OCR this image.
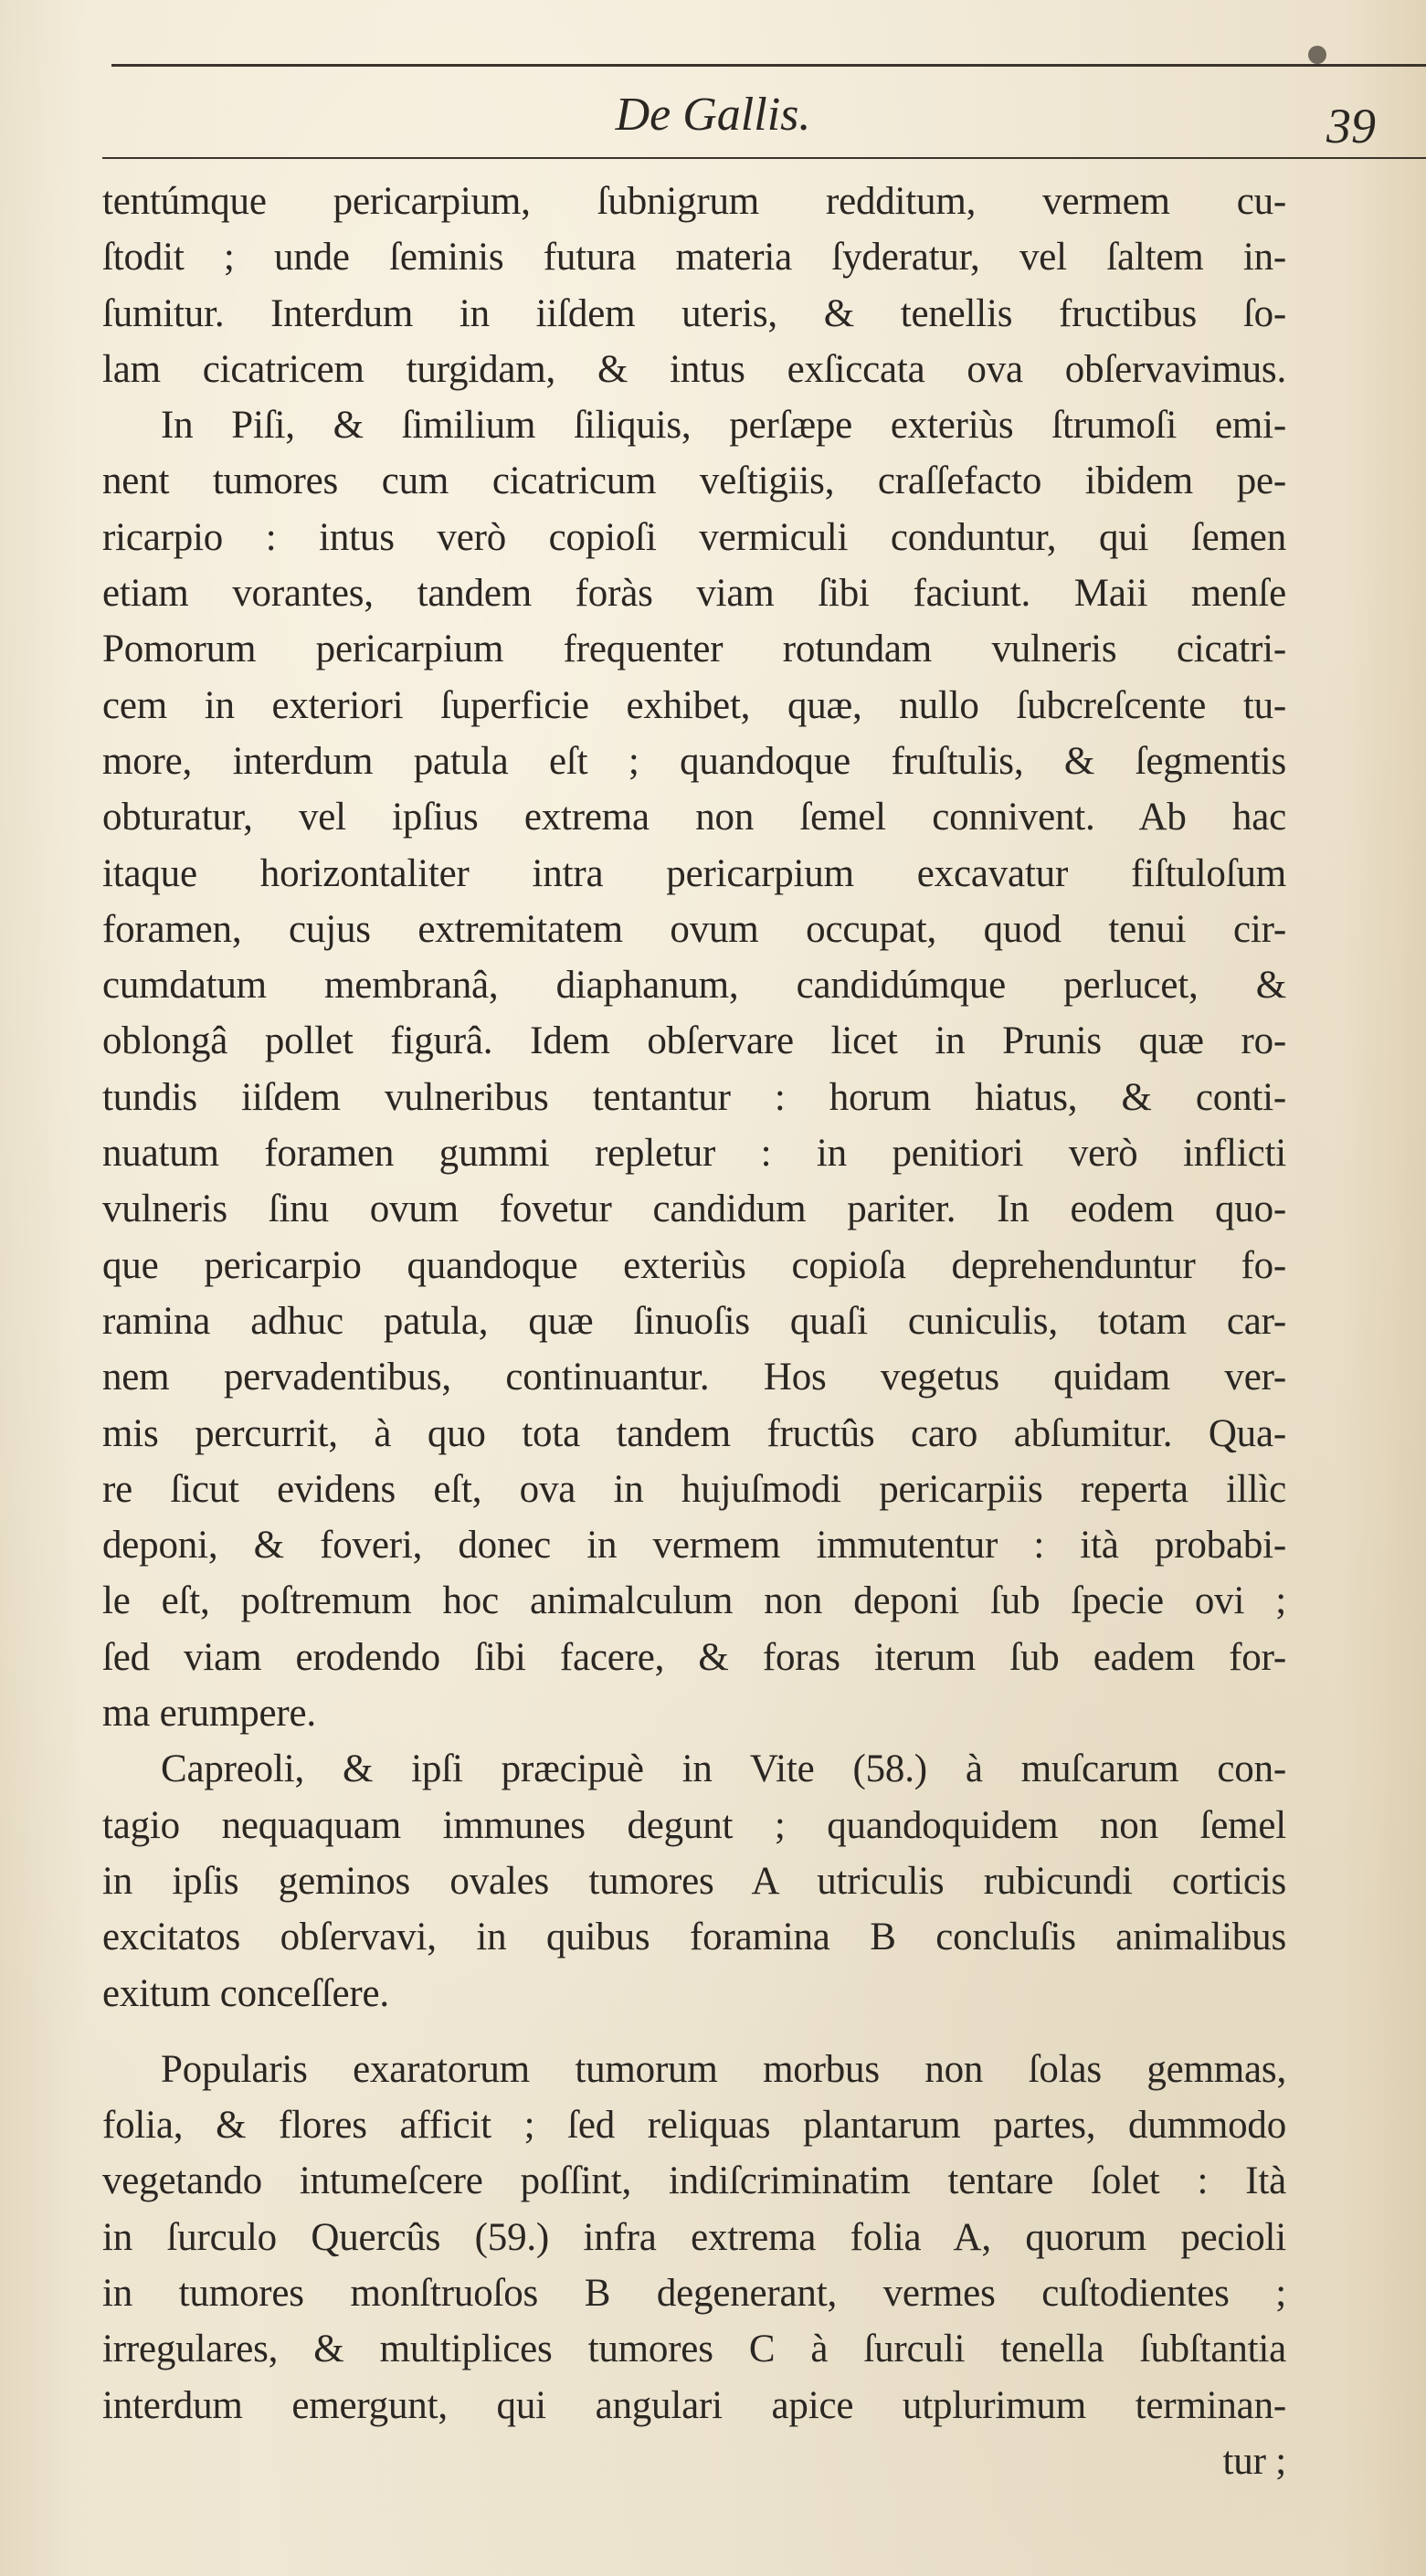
De Gallis.	39
tentúmque pericarpium, ſubnigrum redditum, vermem cu-
ſtodit ; unde ſeminis futura materia ſyderatur, vel ſaltem in-
ſumitur. Interdum in iiſdem uteris, & tenellis fructibus ſo-
lam cicatricem turgidam, & intus exſiccata ova obſervavimus.
In Piſi, & ſimilium ſiliquis, perſæpe exteriùs ſtrumoſi emi-
nent tumores cum cicatricum veſtigiis, craſſefacto ibidem pe-
ricarpio : intus verò copioſi vermiculi conduntur, qui ſemen
etiam vorantes, tandem foràs viam ſibi faciunt. Maii menſe
Pomorum pericarpium frequenter rotundam vulneris cicatri-
cem in exteriori ſuperficie exhibet, quæ, nullo ſubcreſcente tu-
more, interdum patula eſt ; quandoque fruſtulis, & ſegmentis
obturatur, vel ipſius extrema non ſemel connivent. Ab hac
itaque horizontaliter intra pericarpium excavatur fiſtuloſum
foramen, cujus extremitatem ovum occupat, quod tenui cir-
cumdatum membranâ, diaphanum, candidúmque perlucet, &
oblongâ pollet figurâ. Idem obſervare licet in Prunis quæ ro-
tundis iiſdem vulneribus tentantur : horum hiatus, & conti-
nuatum foramen gummi repletur : in penitiori verò inflicti
vulneris ſinu ovum fovetur candidum pariter. In eodem quo-
que pericarpio quandoque exteriùs copioſa deprehenduntur fo-
ramina adhuc patula, quæ ſinuoſis quaſi cuniculis, totam car-
nem pervadentibus, continuantur. Hos vegetus quidam ver-
mis percurrit, à quo tota tandem fructûs caro abſumitur. Qua-
re ſicut evidens eſt, ova in hujuſmodi pericarpiis reperta illìc
deponi, & foveri, donec in vermem immutentur : ità probabi-
le eſt, poſtremum hoc animalculum non deponi ſub ſpecie ovi ;
ſed viam erodendo ſibi facere, & foras iterum ſub eadem for-
ma erumpere.
Capreoli, & ipſi præcipuè in Vite (58.) à muſcarum con-
tagio nequaquam immunes degunt ; quandoquidem non ſemel
in ipſis geminos ovales tumores A utriculis rubicundi corticis
excitatos obſervavi, in quibus foramina B concluſis animalibus
exitum conceſſere.
Popularis exaratorum tumorum morbus non ſolas gemmas,
folia, & flores afficit ; ſed reliquas plantarum partes, dummodo
vegetando intumeſcere poſſint, indiſcriminatim tentare ſolet : Ità
in ſurculo Quercûs (59.) infra extrema folia A, quorum pecioli
in tumores monſtruoſos B degenerant, vermes cuſtodientes ;
irregulares, & multiplices tumores C à ſurculi tenella ſubſtantia
interdum emergunt, qui angulari apice utplurimum terminan-
tur ;
